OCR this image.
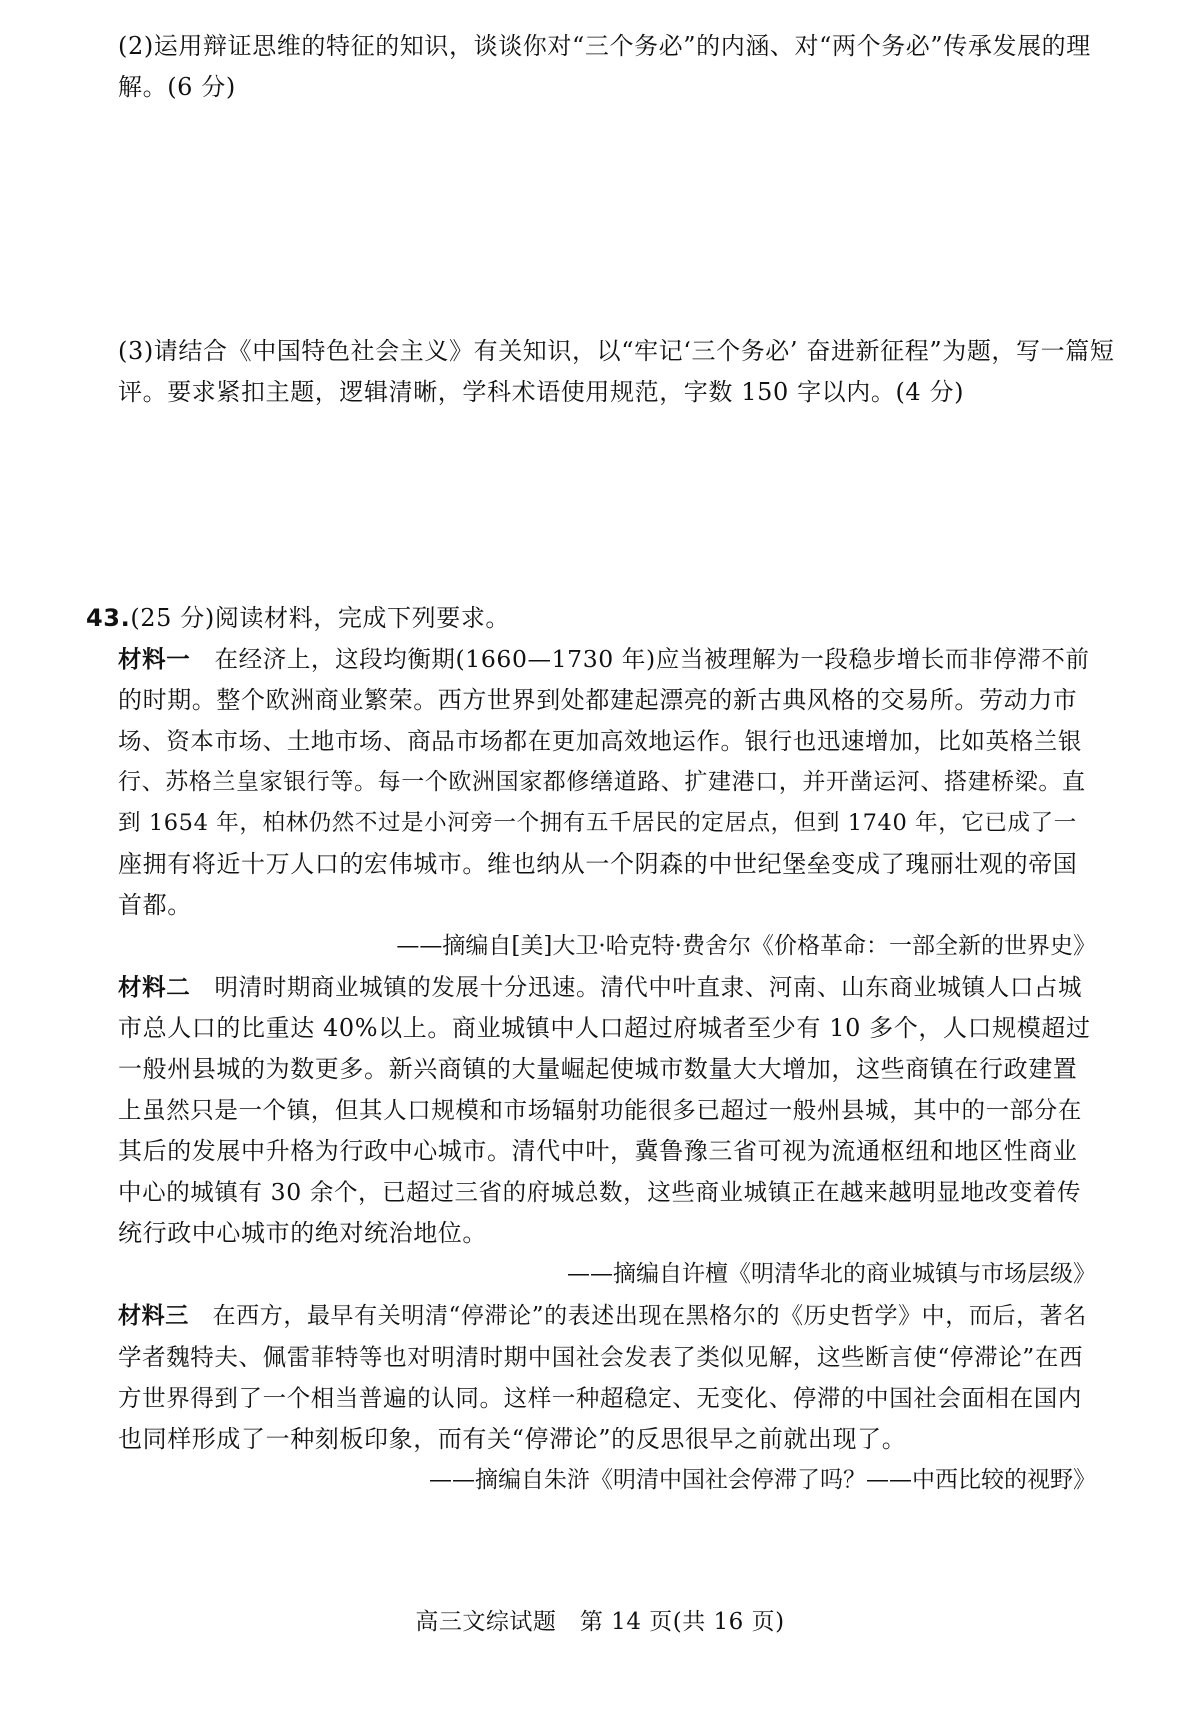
(2)运用辩证思维的特征的知识，谈谈你对“三个务必”的内涵、对“两个务必”传承发展的理
解。(6 分)
(3)请结合《中国特色社会主义》有关知识，以“牢记‘三个务必’ 奋进新征程”为题，写一篇短
评。要求紧扣主题，逻辑清晰，学科术语使用规范，字数 150 字以内。(4 分)
43.(25 分)阅读材料，完成下列要求。
材料一 在经济上，这段均衡期(1660—1730 年)应当被理解为一段稳步增长而非停滞不前
的时期。整个欧洲商业繁荣。西方世界到处都建起漂亮的新古典风格的交易所。劳动力市
场、资本市场、土地市场、商品市场都在更加高效地运作。银行也迅速增加，比如英格兰银
行、苏格兰皇家银行等。每一个欧洲国家都修缮道路、扩建港口，并开凿运河、搭建桥梁。直
到 1654 年，柏林仍然不过是小河旁一个拥有五千居民的定居点，但到 1740 年，它已成了一
座拥有将近十万人口的宏伟城市。维也纳从一个阴森的中世纪堡垒变成了瑰丽壮观的帝国
首都。
——摘编自[美]大卫·哈克特·费舍尔《价格革命：一部全新的世界史》
材料二 明清时期商业城镇的发展十分迅速。清代中叶直隶、河南、山东商业城镇人口占城
市总人口的比重达 40%以上。商业城镇中人口超过府城者至少有 10 多个，人口规模超过
一般州县城的为数更多。新兴商镇的大量崛起使城市数量大大增加，这些商镇在行政建置
上虽然只是一个镇，但其人口规模和市场辐射功能很多已超过一般州县城，其中的一部分在
其后的发展中升格为行政中心城市。清代中叶，冀鲁豫三省可视为流通枢纽和地区性商业
中心的城镇有 30 余个，已超过三省的府城总数，这些商业城镇正在越来越明显地改变着传
统行政中心城市的绝对统治地位。
——摘编自许檀《明清华北的商业城镇与市场层级》
材料三 在西方，最早有关明清“停滞论”的表述出现在黑格尔的《历史哲学》中，而后，著名
学者魏特夫、佩雷菲特等也对明清时期中国社会发表了类似见解，这些断言使“停滞论”在西
方世界得到了一个相当普遍的认同。这样一种超稳定、无变化、停滞的中国社会面相在国内
也同样形成了一种刻板印象，而有关“停滞论”的反思很早之前就出现了。
——摘编自朱浒《明清中国社会停滞了吗？——中西比较的视野》
高三文综试题　第 14 页(共 16 页)
